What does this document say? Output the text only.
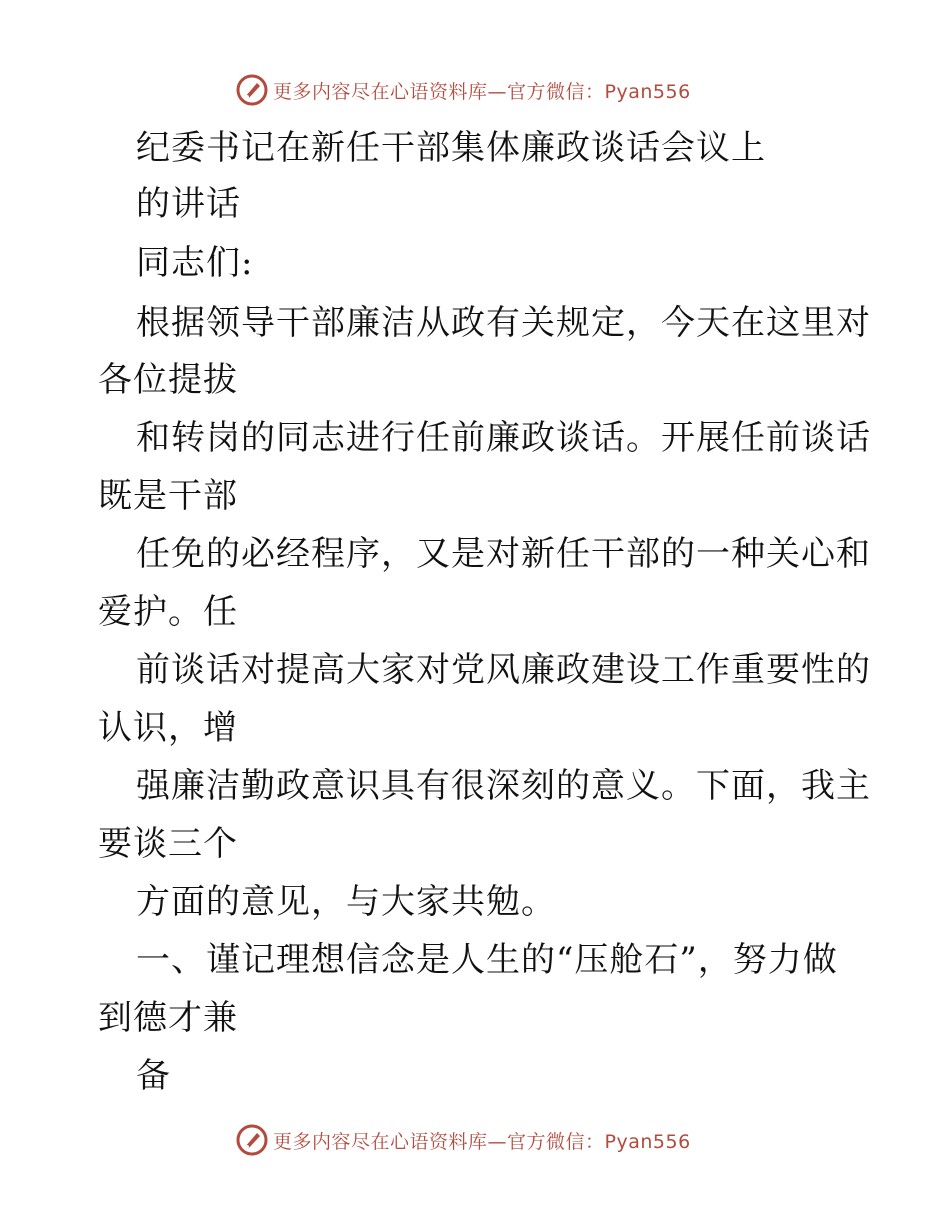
更多内容尽在心语资料库—官方微信：Pyan556
纪委书记在新任干部集体廉政谈话会议上
的讲话
同志们:
根据领导干部廉洁从政有关规定，今天在这里对
各位提拔
和转岗的同志进行任前廉政谈话。开展任前谈话
既是干部
任免的必经程序，又是对新任干部的一种关心和
爱护。任
前谈话对提高大家对党风廉政建设工作重要性的
认识，增
强廉洁勤政意识具有很深刻的意义。下面，我主
要谈三个
方面的意见，与大家共勉。
一、谨记理想信念是人生的“压舱石”，努力做
到德才兼
备
更多内容尽在心语资料库—官方微信：Pyan556
